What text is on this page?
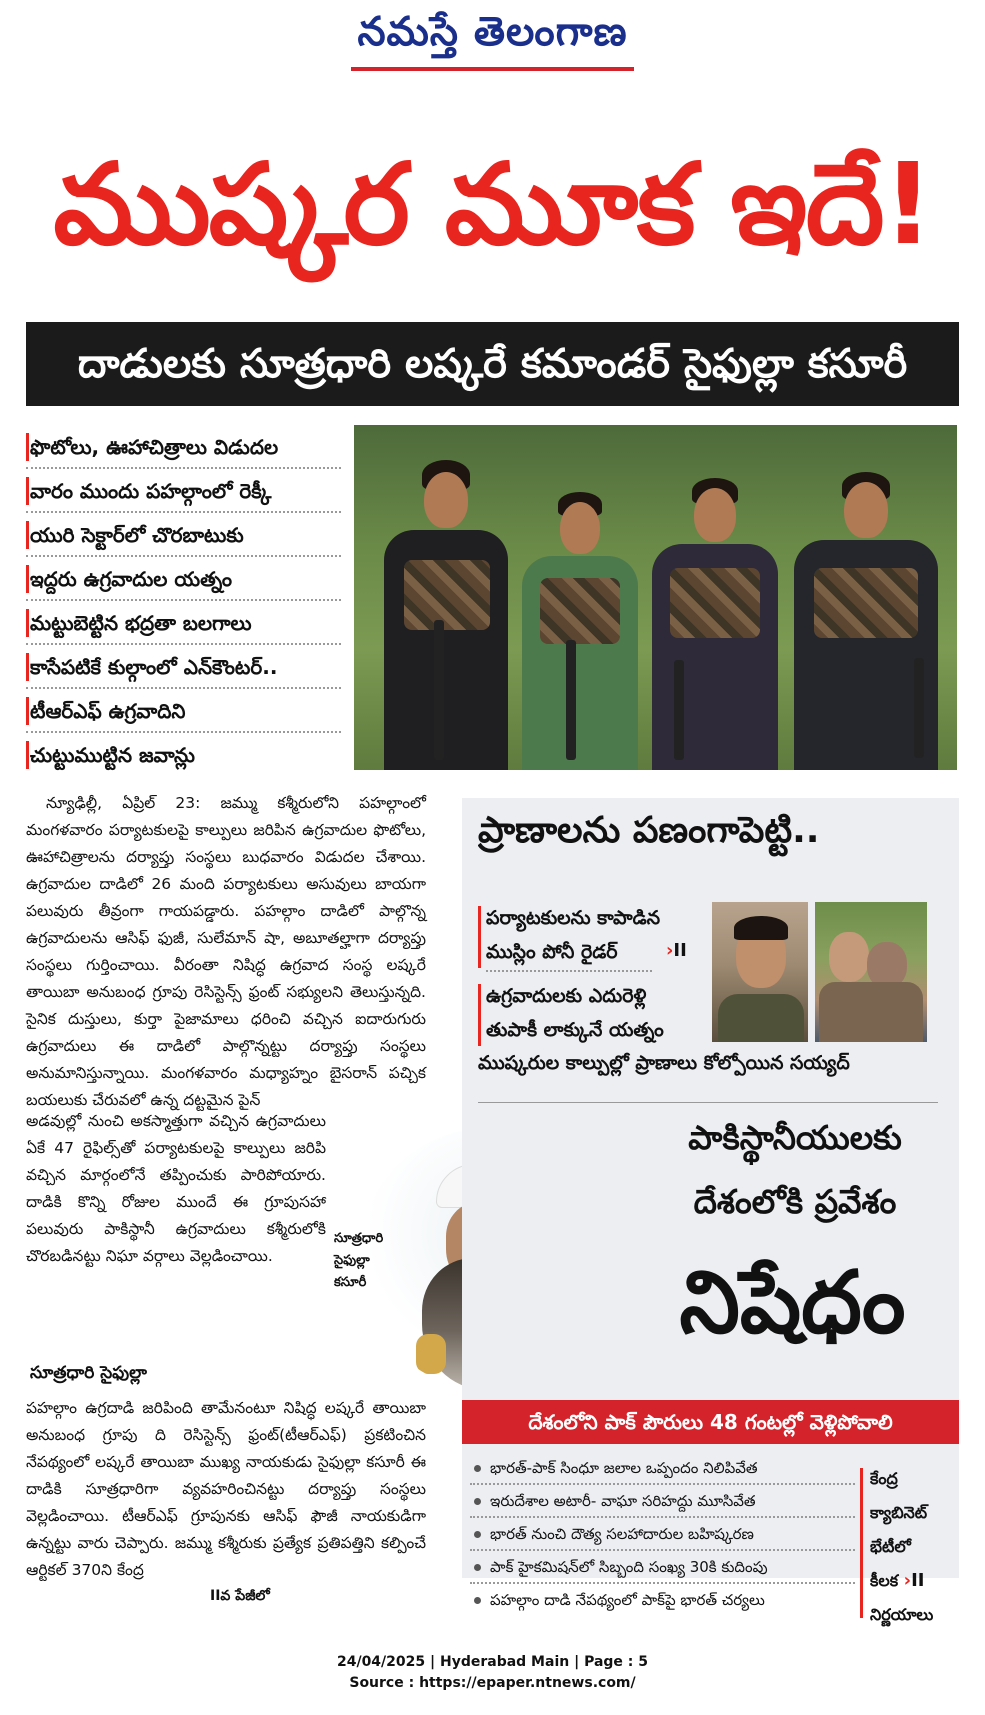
నమస్తే తెలంగాణ
ముష్కర మూక ఇదే!
దాడులకు సూత్రధారి లష్కరే కమాండర్ సైఫుల్లా కసూరీ
ఫొటోలు, ఊహాచిత్రాలు విడుదల
వారం ముందు పహల్గాంలో రెక్కీ
యురి సెక్టార్‌లో చొరబాటుకు
ఇద్దరు ఉగ్రవాదుల యత్నం
మట్టుబెట్టిన భద్రతా బలగాలు
కాసేపటికే కుల్గాంలో ఎన్‌కౌంటర్..
టీఆర్‌ఎఫ్ ఉగ్రవాదిని
చుట్టుముట్టిన జవాన్లు

న్యూఢిల్లీ, ఏప్రిల్ 23: జమ్ము కశ్మీరులోని పహల్గాంలో మంగళవారం పర్యాటకులపై కాల్పులు జరిపిన ఉగ్రవాదుల ఫొటోలు, ఊహాచిత్రాలను దర్యాప్తు సంస్థలు బుధవారం విడుదల చేశాయి. ఉగ్రవాదుల దాడిలో 26 మంది పర్యాటకులు అసువులు బాయగా పలువురు తీవ్రంగా గాయపడ్డారు. పహల్గాం దాడిలో పాల్గొన్న ఉగ్రవాదులను ఆసిఫ్ ఫుజీ, సులేమాన్ షా, అబూతల్హాగా దర్యాప్తు సంస్థలు గుర్తించాయి. వీరంతా నిషిద్ధ ఉగ్రవాద సంస్థ లష్కరే తాయిబా అనుబంధ గ్రూపు రెసిస్టెన్స్ ఫ్రంట్ సభ్యులని తెలుస్తున్నది. సైనిక దుస్తులు, కుర్తా పైజామాలు ధరించి వచ్చిన ఐదారుగురు ఉగ్రవాదులు ఈ దాడిలో పాల్గొన్నట్టు దర్యాప్తు సంస్థలు అనుమానిస్తున్నాయి. మంగళవారం మధ్యాహ్నం బైసరాన్ పచ్చిక బయలుకు చేరువలో ఉన్న దట్టమైన పైన్

సూత్రధారి
సైఫుల్లా
కసూరీ

అడవుల్లో నుంచి అకస్మాత్తుగా వచ్చిన ఉగ్రవాదులు ఏకే 47 రైఫిల్స్‌తో పర్యాటకులపై కాల్పులు జరిపి వచ్చిన మార్గంలోనే తప్పించుకు పారిపోయారు. దాడికి కొన్ని రోజుల ముందే ఈ గ్రూపుసహా పలువురు పాకిస్థానీ ఉగ్రవాదులు కశ్మీరులోకి చొరబడినట్టు నిఘా వర్గాలు వెల్లడించాయి.

సూత్రధారి సైఫుల్లా

పహల్గాం ఉగ్రదాడి జరిపింది తామేనంటూ నిషిద్ధ లష్కరే తాయిబా అనుబంధ గ్రూపు ది రెసిస్టెన్స్ ఫ్రంట్(టీఆర్‌ఎఫ్) ప్రకటించిన నేపథ్యంలో లష్కరే తాయిబా ముఖ్య నాయకుడు సైఫుల్లా కసూరీ ఈ దాడికి సూత్రధారిగా వ్యవహరించినట్టు దర్యాప్తు సంస్థలు వెల్లడించాయి. టీఆర్‌ఎఫ్ గ్రూపునకు ఆసిఫ్ ఫౌజీ నాయకుడిగా ఉన్నట్టు వారు చెప్పారు. జమ్ము కశ్మీరుకు ప్రత్యేక ప్రతిపత్తిని కల్పించే ఆర్టికల్ 370ని కేంద్ర

IIవ పేజీలో
ప్రాణాలను పణంగాపెట్టి..
పర్యాటకులను కాపాడిన
ముస్లిం పోనీ రైడర్	›II
ఉగ్రవాదులకు ఎదురెళ్లి
తుపాకీ లాక్కునే యత్నం
ముష్కరుల కాల్పుల్లో ప్రాణాలు కోల్పోయిన సయ్యద్
పాకిస్థానీయులకు
దేశంలోకి ప్రవేశం
నిషేధం
దేశంలోని పాక్ పౌరులు 48 గంటల్లో వెళ్లిపోవాలి
భారత్-పాక్ సింధూ జలాల ఒప్పందం నిలిపివేత
ఇరుదేశాల అటారీ- వాఘా సరిహద్దు మూసివేత
భారత్ నుంచి దౌత్య సలహాదారుల బహిష్కరణ
పాక్ హైకమిషన్‌లో సిబ్బంది సంఖ్య 30కి కుదింపు
పహల్గాం దాడి నేపథ్యంలో పాక్‌పై భారత్ చర్యలు
కేంద్ర
క్యాబినెట్
భేటీలో
కీలక ›II
నిర్ణయాలు
24/04/2025 | Hyderabad Main | Page : 5
Source : https://epaper.ntnews.com/
